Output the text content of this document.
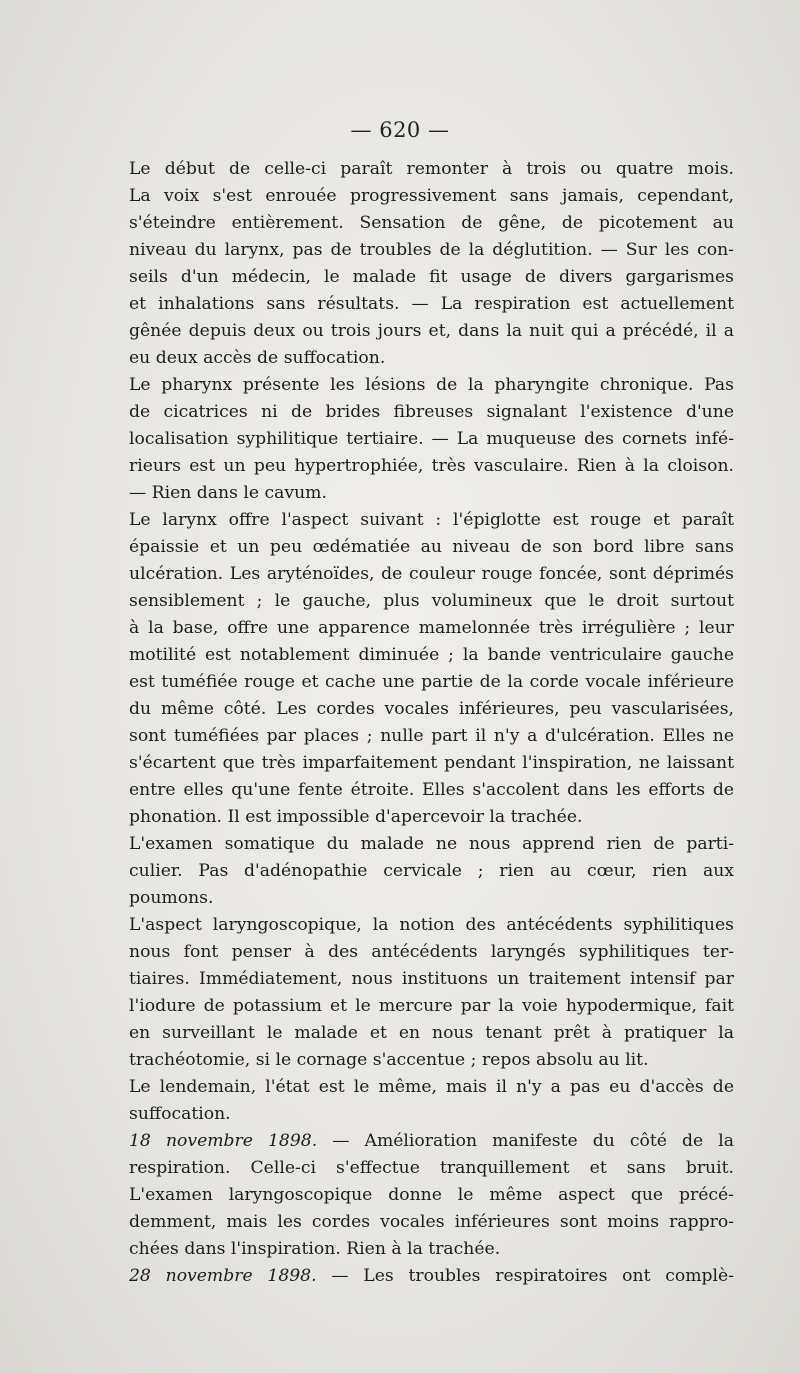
— 620 —
Le début de celle-ci paraît remonter à trois ou quatre mois.
La voix s'est enrouée progressivement sans jamais, cependant,
s'éteindre entièrement. Sensation de gêne, de picotement au
niveau du larynx, pas de troubles de la déglutition. — Sur les con-
seils d'un médecin, le malade fit usage de divers gargarismes
et inhalations sans résultats. — La respiration est actuellement
gênée depuis deux ou trois jours et, dans la nuit qui a précédé, il a
eu deux accès de suffocation.
Le pharynx présente les lésions de la pharyngite chronique. Pas
de cicatrices ni de brides fibreuses signalant l'existence d'une
localisation syphilitique tertiaire. — La muqueuse des cornets infé-
rieurs est un peu hypertrophiée, très vasculaire. Rien à la cloison.
— Rien dans le cavum.
Le larynx offre l'aspect suivant : l'épiglotte est rouge et paraît
épaissie et un peu œdématiée au niveau de son bord libre sans
ulcération. Les aryténoïdes, de couleur rouge foncée, sont déprimés
sensiblement ; le gauche, plus volumineux que le droit surtout
à la base, offre une apparence mamelonnée très irrégulière ; leur
motilité est notablement diminuée ; la bande ventriculaire gauche
est tuméfiée rouge et cache une partie de la corde vocale inférieure
du même côté. Les cordes vocales inférieures, peu vascularisées,
sont tuméfiées par places ; nulle part il n'y a d'ulcération. Elles ne
s'écartent que très imparfaitement pendant l'inspiration, ne laissant
entre elles qu'une fente étroite. Elles s'accolent dans les efforts de
phonation. Il est impossible d'apercevoir la trachée.
L'examen somatique du malade ne nous apprend rien de parti-
culier. Pas d'adénopathie cervicale ; rien au cœur, rien aux
poumons.
L'aspect laryngoscopique, la notion des antécédents syphilitiques
nous font penser à des antécédents laryngés syphilitiques ter-
tiaires. Immédiatement, nous instituons un traitement intensif par
l'iodure de potassium et le mercure par la voie hypodermique, fait
en surveillant le malade et en nous tenant prêt à pratiquer la
trachéotomie, si le cornage s'accentue ; repos absolu au lit.
Le lendemain, l'état est le même, mais il n'y a pas eu d'accès de
suffocation.
18 novembre 1898. — Amélioration manifeste du côté de la
respiration. Celle-ci s'effectue tranquillement et sans bruit.
L'examen laryngoscopique donne le même aspect que précé-
demment, mais les cordes vocales inférieures sont moins rappro-
chées dans l'inspiration. Rien à la trachée.
28 novembre 1898. — Les troubles respiratoires ont complè-
